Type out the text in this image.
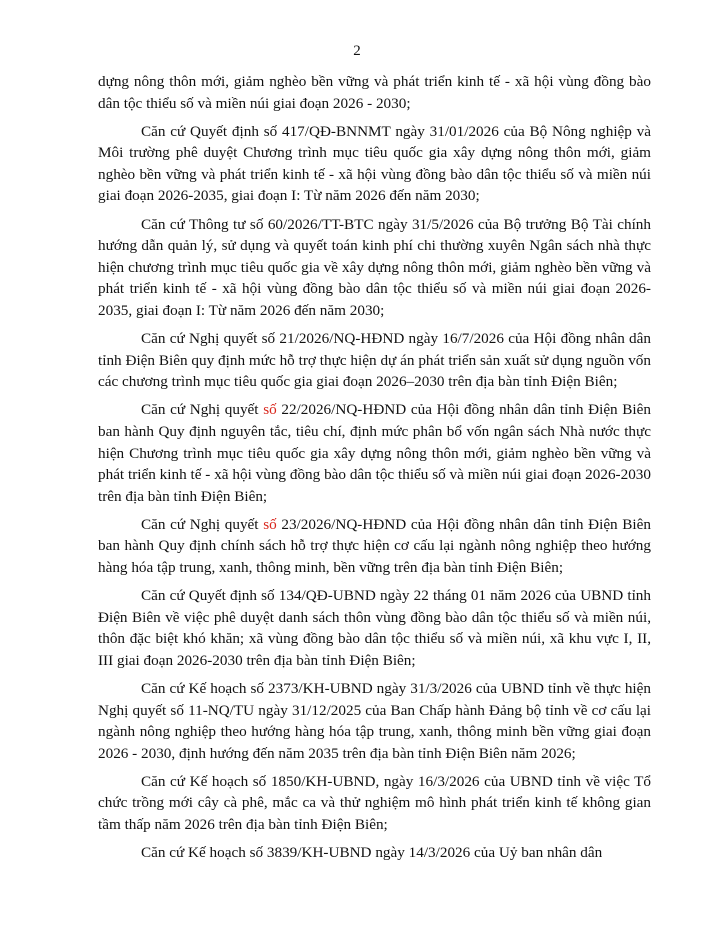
2

dựng nông thôn mới, giảm nghèo bền vững và phát triển kinh tế - xã hội vùng đồng bào dân tộc thiểu số và miền núi giai đoạn 2026 - 2030;

Căn cứ Quyết định số 417/QĐ-BNNMT ngày 31/01/2026 của Bộ Nông nghiệp và Môi trường phê duyệt Chương trình mục tiêu quốc gia xây dựng nông thôn mới, giảm nghèo bền vững và phát triển kinh tế - xã hội vùng đồng bào dân tộc thiểu số và miền núi giai đoạn 2026-2035, giai đoạn I: Từ năm 2026 đến năm 2030;

Căn cứ Thông tư số 60/2026/TT-BTC ngày 31/5/2026 của Bộ trưởng Bộ Tài chính hướng dẫn quản lý, sử dụng và quyết toán kinh phí chi thường xuyên Ngân sách nhà thực hiện chương trình mục tiêu quốc gia về xây dựng nông thôn mới, giảm nghèo bền vững và phát triển kinh tế - xã hội vùng đồng bào dân tộc thiểu số và miền núi giai đoạn 2026-2035, giai đoạn I: Từ năm 2026 đến năm 2030;

Căn cứ Nghị quyết số 21/2026/NQ-HĐND ngày 16/7/2026 của Hội đồng nhân dân tỉnh Điện Biên quy định mức hỗ trợ thực hiện dự án phát triển sản xuất sử dụng nguồn vốn các chương trình mục tiêu quốc gia giai đoạn 2026–2030 trên địa bàn tỉnh Điện Biên;

Căn cứ Nghị quyết số 22/2026/NQ-HĐND của Hội đồng nhân dân tỉnh Điện Biên ban hành Quy định nguyên tắc, tiêu chí, định mức phân bổ vốn ngân sách Nhà nước thực hiện Chương trình mục tiêu quốc gia xây dựng nông thôn mới, giảm nghèo bền vững và phát triển kinh tế - xã hội vùng đồng bào dân tộc thiểu số và miền núi giai đoạn 2026-2030 trên địa bàn tỉnh Điện Biên;

Căn cứ Nghị quyết số 23/2026/NQ-HĐND của Hội đồng nhân dân tỉnh Điện Biên ban hành Quy định chính sách hỗ trợ thực hiện cơ cấu lại ngành nông nghiệp theo hướng hàng hóa tập trung, xanh, thông minh, bền vững trên địa bàn tỉnh Điện Biên;

Căn cứ Quyết định số 134/QĐ-UBND ngày 22 tháng 01 năm 2026 của UBND tỉnh Điện Biên về việc phê duyệt danh sách thôn vùng đồng bào dân tộc thiểu số và miền núi, thôn đặc biệt khó khăn; xã vùng đồng bào dân tộc thiểu số và miền núi, xã khu vực I, II, III giai đoạn 2026-2030 trên địa bàn tỉnh Điện Biên;

Căn cứ Kế hoạch số 2373/KH-UBND ngày 31/3/2026 của UBND tỉnh về thực hiện Nghị quyết số 11-NQ/TU ngày 31/12/2025 của Ban Chấp hành Đảng bộ tỉnh về cơ cấu lại ngành nông nghiệp theo hướng hàng hóa tập trung, xanh, thông minh bền vững giai đoạn 2026 - 2030, định hướng đến năm 2035 trên địa bàn tỉnh Điện Biên năm 2026;

Căn cứ Kế hoạch số 1850/KH-UBND, ngày 16/3/2026 của UBND tỉnh về việc Tổ chức trồng mới cây cà phê, mắc ca và thử nghiệm mô hình phát triển kinh tế không gian tầm thấp năm 2026 trên địa bàn tỉnh Điện Biên;

Căn cứ Kế hoạch số 3839/KH-UBND ngày 14/3/2026 của Uỷ ban nhân dân
